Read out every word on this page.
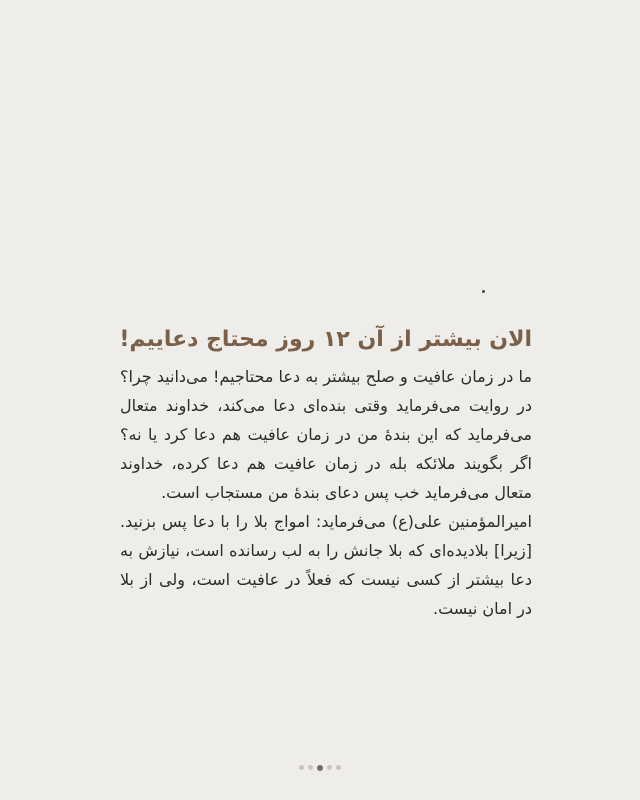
الان بیشتر از آن ۱۲ روز محتاج دعاییم!

ما در زمان عافیت و صلح بیشتر به دعا محتاجیم! می‌دانید چرا؟ در روایت می‌فرماید وقتی بنده‌ای دعا می‌کند، خداوند متعال می‌فرماید که این بندهٔ من در زمان عافیت هم دعا کرد یا نه؟ اگر بگویند ملائکه بله در زمان عافیت هم دعا کرده، خداوند متعال می‌فرماید خب پس دعای بندهٔ من مستجاب است.

امیرالمؤمنین علی(ع) می‌فرماید: امواج بلا را با دعا پس بزنید. [زیرا] بلادیده‌ای که بلا جانش را به لب رسانده است، نیازش به دعا بیشتر از کسی نیست که فعلاً در عافیت است، ولی از بلا در امان نیست.
